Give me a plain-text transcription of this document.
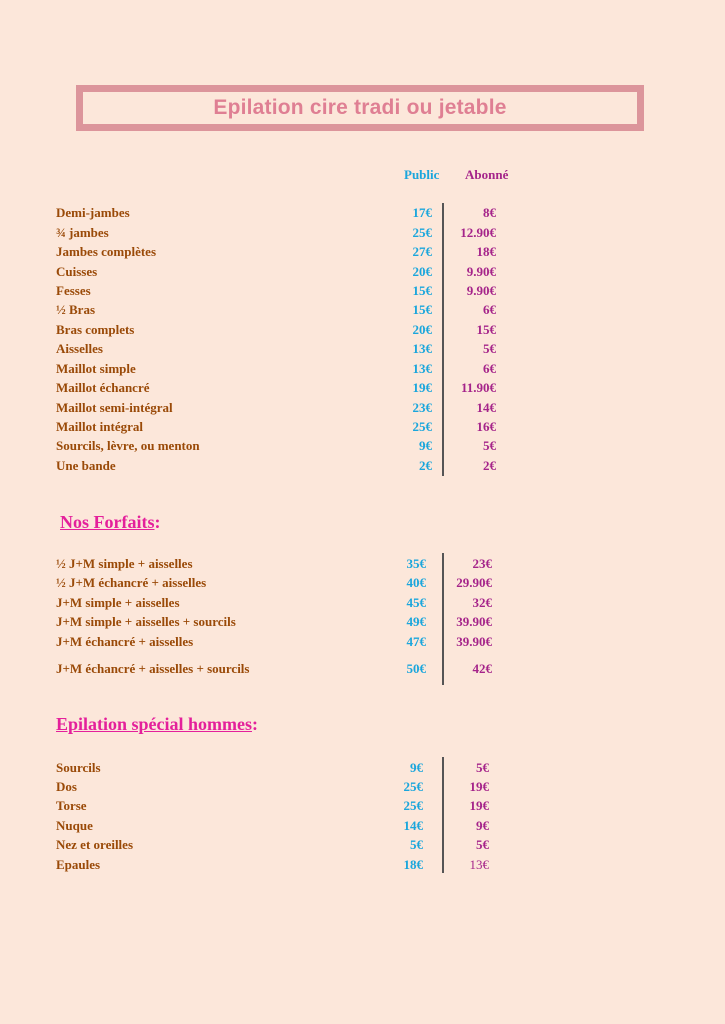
Epilation cire tradi ou jetable
Public Abonné
Demi-jambes	17€	8€
¾ jambes	25€	12.90€
Jambes complètes	27€	18€
Cuisses	20€	9.90€
Fesses	15€	9.90€
½ Bras	15€	6€
Bras complets	20€	15€
Aisselles	13€	5€
Maillot simple	13€	6€
Maillot échancré	19€	11.90€
Maillot semi-intégral	23€	14€
Maillot intégral	25€	16€
Sourcils, lèvre, ou menton	9€	5€
Une bande	2€	2€
Nos Forfaits:
½ J+M simple + aisselles	35€	23€
½ J+M échancré + aisselles	40€	29.90€
J+M simple + aisselles	45€	32€
J+M simple + aisselles + sourcils	49€	39.90€
J+M échancré + aisselles	47€	39.90€
J+M échancré + aisselles + sourcils	50€	42€
Epilation spécial hommes:
Sourcils	9€	5€
Dos	25€	19€
Torse	25€	19€
Nuque	14€	9€
Nez et oreilles	5€	5€
Epaules	18€	13€
